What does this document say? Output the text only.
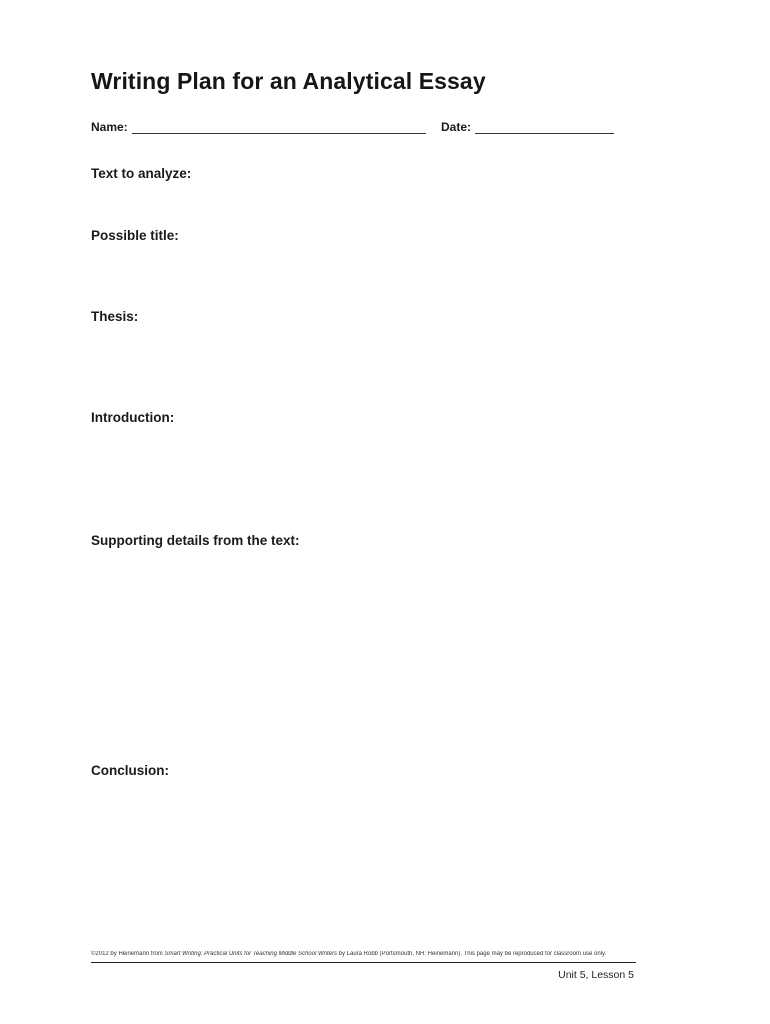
Writing Plan for an Analytical Essay
Name:	Date:
Text to analyze:
Possible title:
Thesis:
Introduction:
Supporting details from the text:
Conclusion:
©2012 by Heinemann from Smart Writing: Practical Units for Teaching Middle School Writers by Laura Robb (Portsmouth, NH: Heinemann). This page may be reproduced for classroom use only.
Unit 5, Lesson 5
